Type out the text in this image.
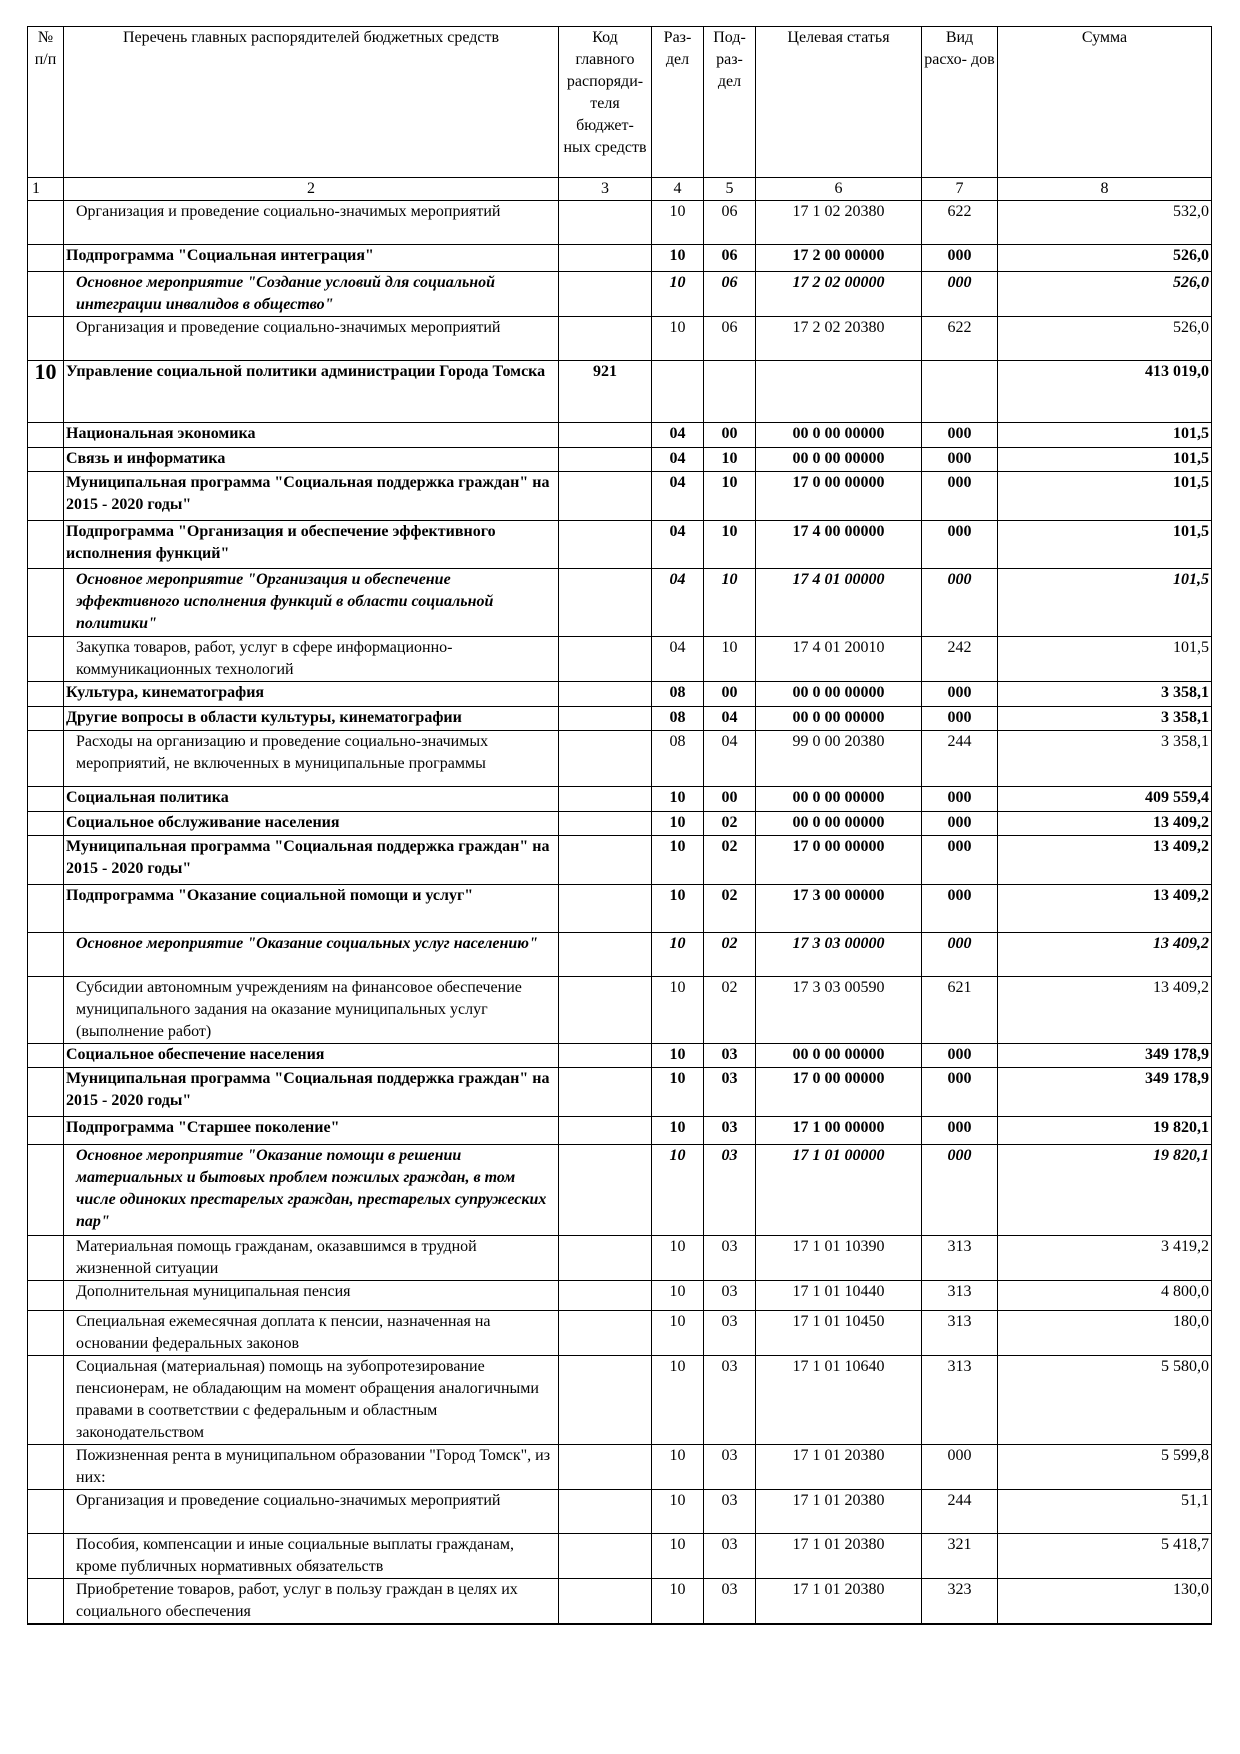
№ п/п	Перечень главных распорядителей бюджетных средств	Код главного распоряди- теля бюджет- ных средств	Раз- дел	Под- раз- дел	Целевая статья	Вид расхо- дов	Сумма
1	2	3	4	5	6	7	8
	Организация и проведение социально-значимых мероприятий		10	06	17 1 02 20380	622	532,0
	Подпрограмма "Социальная интеграция"		10	06	17 2 00 00000	000	526,0
	Основное мероприятие "Создание условий для социальной интеграции инвалидов в общество"		10	06	17 2 02 00000	000	526,0
	Организация и проведение социально-значимых мероприятий		10	06	17 2 02 20380	622	526,0
10	Управление социальной политики администрации Города Томска	921					413 019,0
	Национальная экономика		04	00	00 0 00 00000	000	101,5
	Связь и информатика		04	10	00 0 00 00000	000	101,5
	Муниципальная программа "Социальная поддержка граждан" на 2015 - 2020 годы"		04	10	17 0 00 00000	000	101,5
	Подпрограмма "Организация и обеспечение эффективного исполнения функций"		04	10	17 4 00 00000	000	101,5
	Основное мероприятие "Организация и обеспечение эффективного исполнения функций в области социальной политики"		04	10	17 4 01 00000	000	101,5
	Закупка товаров, работ, услуг в сфере информационно-коммуникационных технологий		04	10	17 4 01 20010	242	101,5
	Культура, кинематография		08	00	00 0 00 00000	000	3 358,1
	Другие вопросы в области культуры, кинематографии		08	04	00 0 00 00000	000	3 358,1
	Расходы на организацию и проведение социально-значимых мероприятий, не включенных в муниципальные программы		08	04	99 0 00 20380	244	3 358,1
	Социальная политика		10	00	00 0 00 00000	000	409 559,4
	Социальное обслуживание населения		10	02	00 0 00 00000	000	13 409,2
	Муниципальная программа "Социальная поддержка граждан" на 2015 - 2020 годы"		10	02	17 0 00 00000	000	13 409,2
	Подпрограмма "Оказание социальной помощи и услуг"		10	02	17 3 00 00000	000	13 409,2
	Основное мероприятие "Оказание социальных услуг населению"		10	02	17 3 03 00000	000	13 409,2
	Субсидии автономным учреждениям на финансовое обеспечение муниципального задания на оказание муниципальных услуг (выполнение работ)		10	02	17 3 03 00590	621	13 409,2
	Социальное обеспечение населения		10	03	00 0 00 00000	000	349 178,9
	Муниципальная программа "Социальная поддержка граждан" на 2015 - 2020 годы"		10	03	17 0 00 00000	000	349 178,9
	Подпрограмма "Старшее поколение"		10	03	17 1 00 00000	000	19 820,1
	Основное мероприятие "Оказание помощи в решении материальных и бытовых проблем пожилых граждан, в том числе одиноких престарелых граждан, престарелых супружеских пар"		10	03	17 1 01 00000	000	19 820,1
	Материальная помощь гражданам, оказавшимся в трудной жизненной ситуации		10	03	17 1 01 10390	313	3 419,2
	Дополнительная муниципальная пенсия		10	03	17 1 01 10440	313	4 800,0
	Специальная ежемесячная доплата к пенсии, назначенная на основании федеральных законов		10	03	17 1 01 10450	313	180,0
	Социальная (материальная) помощь на зубопротезирование пенсионерам, не обладающим на момент обращения аналогичными правами в соответствии с федеральным и областным законодательством		10	03	17 1 01 10640	313	5 580,0
	Пожизненная рента в муниципальном образовании "Город Томск", из них:		10	03	17 1 01 20380	000	5 599,8
	Организация и проведение социально-значимых мероприятий		10	03	17 1 01 20380	244	51,1
	Пособия, компенсации и иные социальные выплаты гражданам, кроме публичных нормативных обязательств		10	03	17 1 01 20380	321	5 418,7
	Приобретение товаров, работ, услуг в пользу граждан в целях их социального обеспечения		10	03	17 1 01 20380	323	130,0
